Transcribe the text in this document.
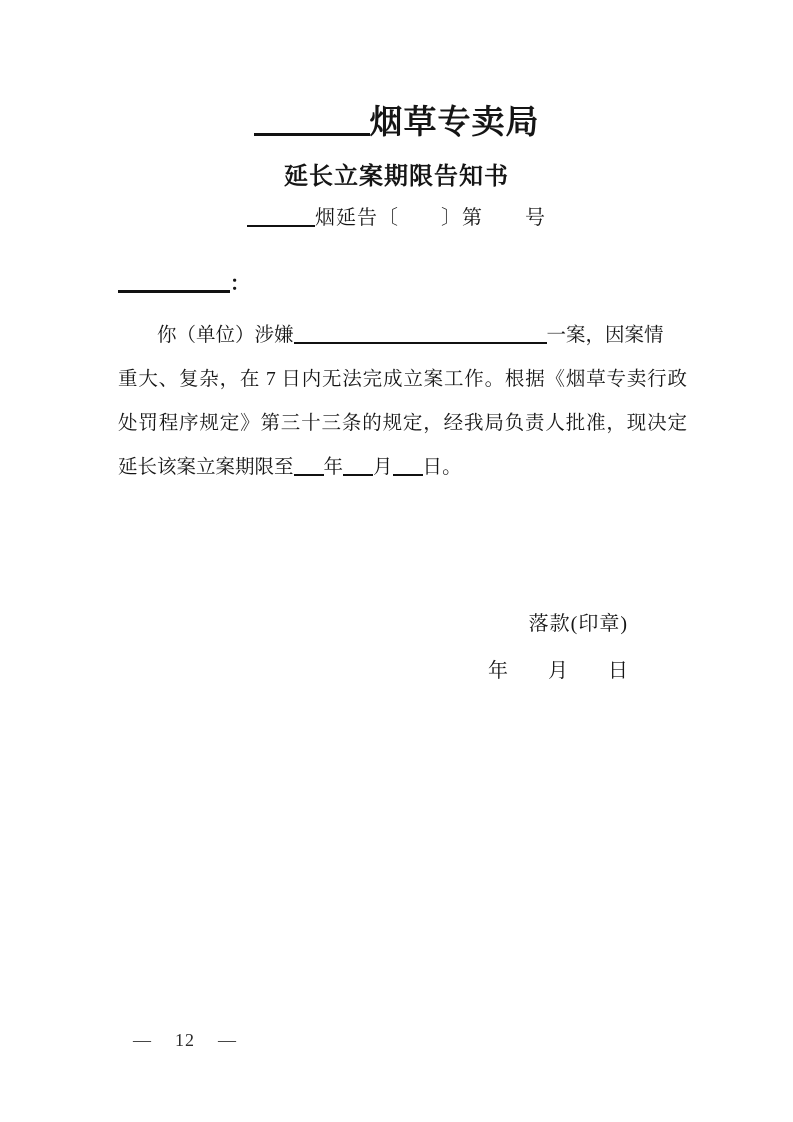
烟草专卖局
延长立案期限告知书
烟延告〔　　〕第　　号
：
你（单位）涉嫌	一案，因案情
重大、复杂，在 7 日内无法完成立案工作。根据《烟草专卖行政
处罚程序规定》第三十三条的规定，经我局负责人批准，现决定
延长该案立案期限至 年 月 日。
落款(印章)
年　　月　　日
—  12  —
